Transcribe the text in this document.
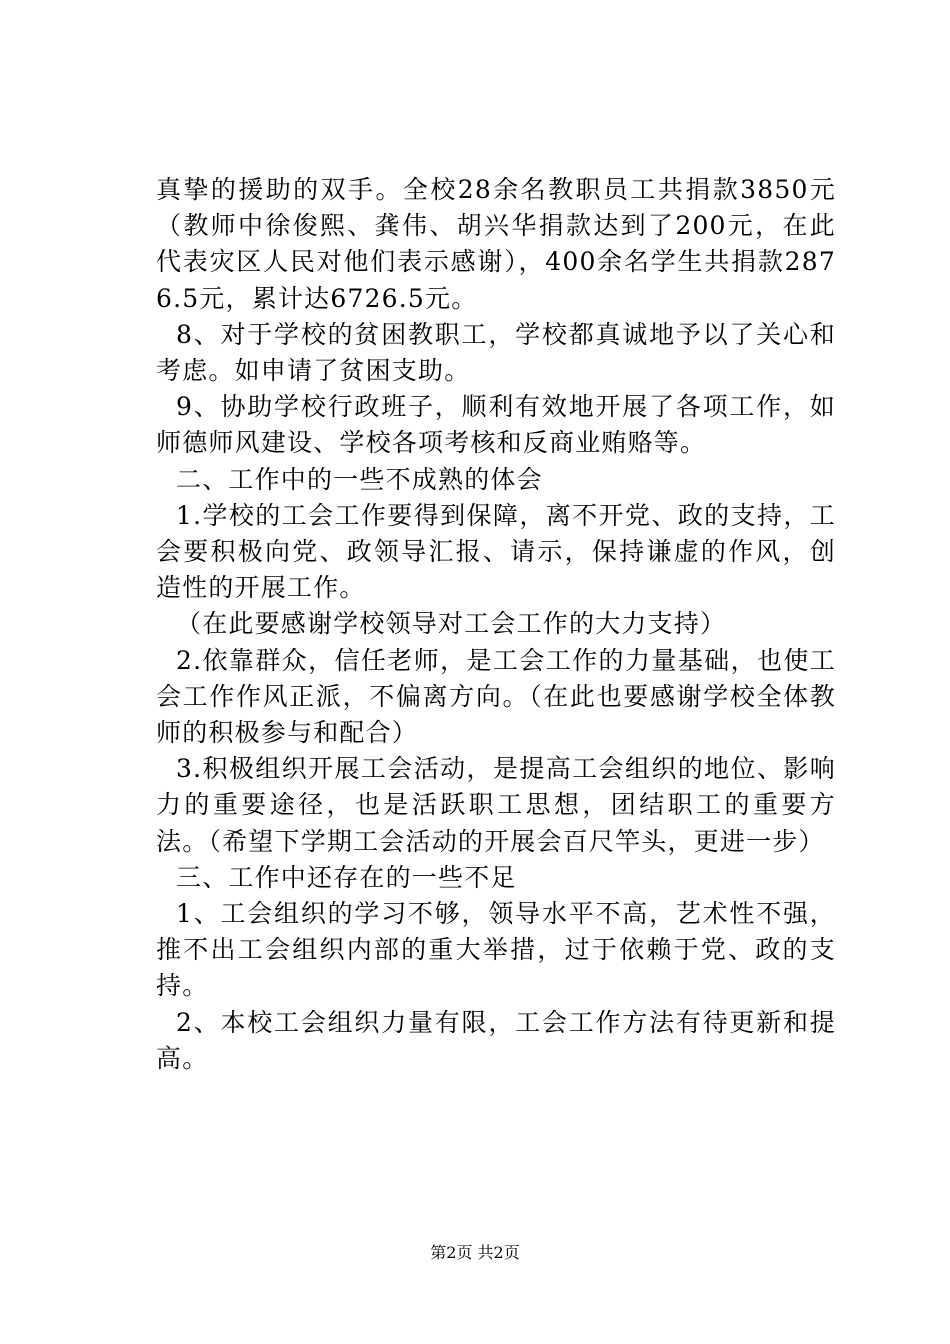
真挚的援助的双手。全校28余名教职员工共捐款3850元（教师中徐俊熙、龚伟、胡兴华捐款达到了200元，在此代表灾区人民对他们表示感谢），400余名学生共捐款2876.5元，累计达6726.5元。

8、对于学校的贫困教职工，学校都真诚地予以了关心和考虑。如申请了贫困支助。

9、协助学校行政班子，顺利有效地开展了各项工作，如师德师风建设、学校各项考核和反商业贿赂等。

二、工作中的一些不成熟的体会

1.学校的工会工作要得到保障，离不开党、政的支持，工会要积极向党、政领导汇报、请示，保持谦虚的作风，创造性的开展工作。

（在此要感谢学校领导对工会工作的大力支持）

2.依靠群众，信任老师，是工会工作的力量基础，也使工会工作作风正派，不偏离方向。（在此也要感谢学校全体教师的积极参与和配合）

3.积极组织开展工会活动，是提高工会组织的地位、影响力的重要途径，也是活跃职工思想，团结职工的重要方法。（希望下学期工会活动的开展会百尺竿头，更进一步）

三、工作中还存在的一些不足

1、工会组织的学习不够，领导水平不高，艺术性不强，推不出工会组织内部的重大举措，过于依赖于党、政的支持。

2、本校工会组织力量有限，工会工作方法有待更新和提高。

第2页 共2页
